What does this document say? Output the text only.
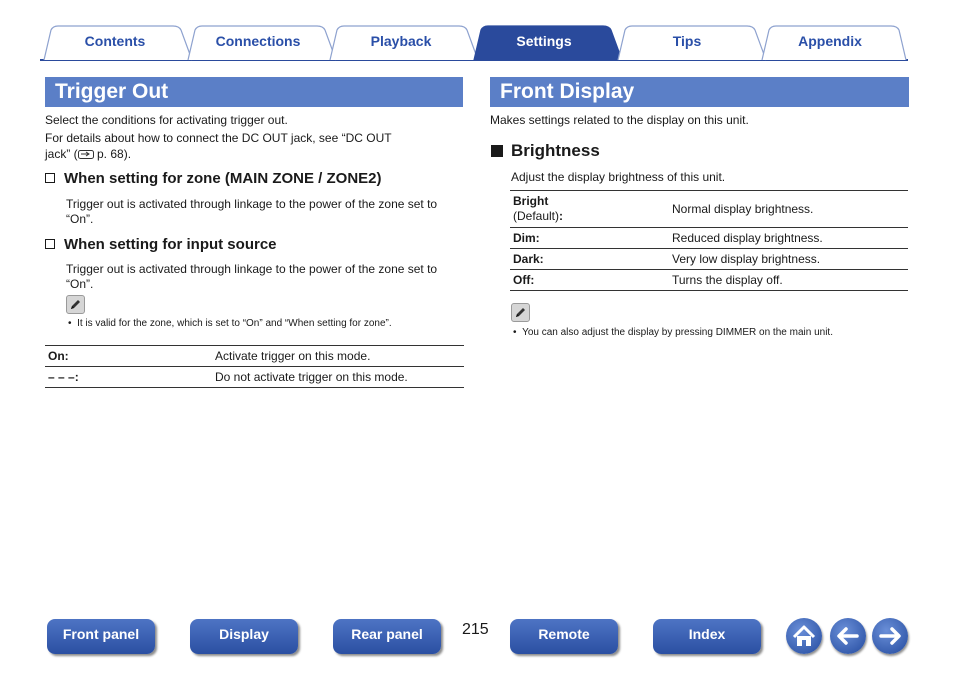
Contents	Connections	Playback	Settings	Tips	Appendix
Trigger Out
Select the conditions for activating trigger out.
For details about how to connect the DC OUT jack, see “DC OUT
jack” ( p. 68).
When setting for zone (MAIN ZONE / ZONE2)
Trigger out is activated through linkage to the power of the zone set to
“On”.
When setting for input source
Trigger out is activated through linkage to the power of the zone set to
“On”.
•  It is valid for the zone, which is set to “On” and “When setting for zone”.
On:	Activate trigger on this mode.
– – –:	Do not activate trigger on this mode.
Front Display
Makes settings related to the display on this unit.
Brightness
Adjust the display brightness of this unit.
Bright
(Default):	Normal display brightness.
Dim:	Reduced display brightness.
Dark:	Very low display brightness.
Off:	Turns the display off.
•  You can also adjust the display by pressing DIMMER on the main unit.
Front panel	Display	Rear panel	215	Remote	Index
